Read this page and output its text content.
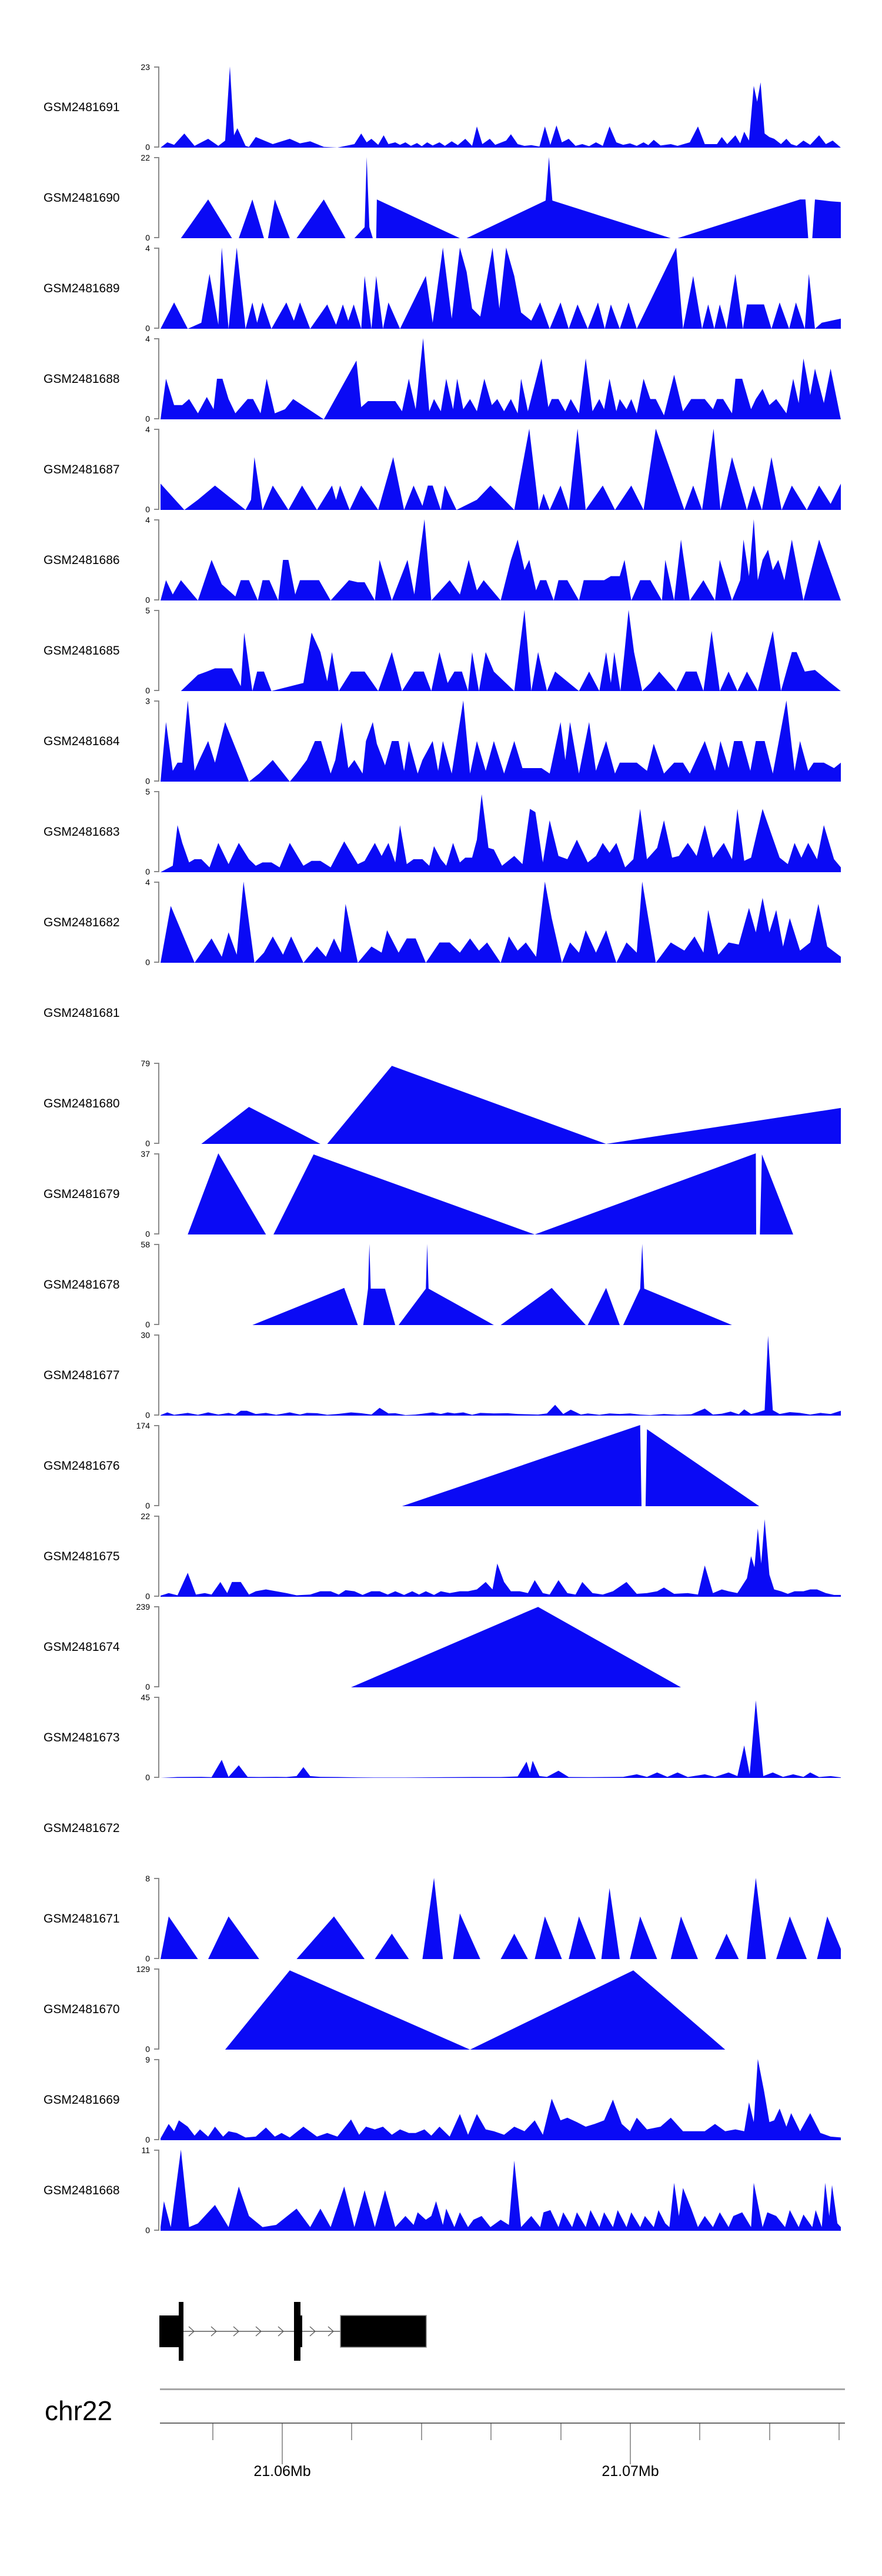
GSM2481691
23
0
GSM2481690
22
0
GSM2481689
4
0
GSM2481688
4
0
GSM2481687
4
0
GSM2481686
4
0
GSM2481685
5
0
GSM2481684
3
0
GSM2481683
5
0
GSM2481682
4
0
GSM2481681
GSM2481680
79
0
GSM2481679
37
0
GSM2481678
58
0
GSM2481677
30
0
GSM2481676
174
0
GSM2481675
22
0
GSM2481674
239
0
GSM2481673
45
0
GSM2481672
GSM2481671
8
0
GSM2481670
129
0
GSM2481669
9
0
GSM2481668
11
0
chr22
21.06Mb	21.07Mb
